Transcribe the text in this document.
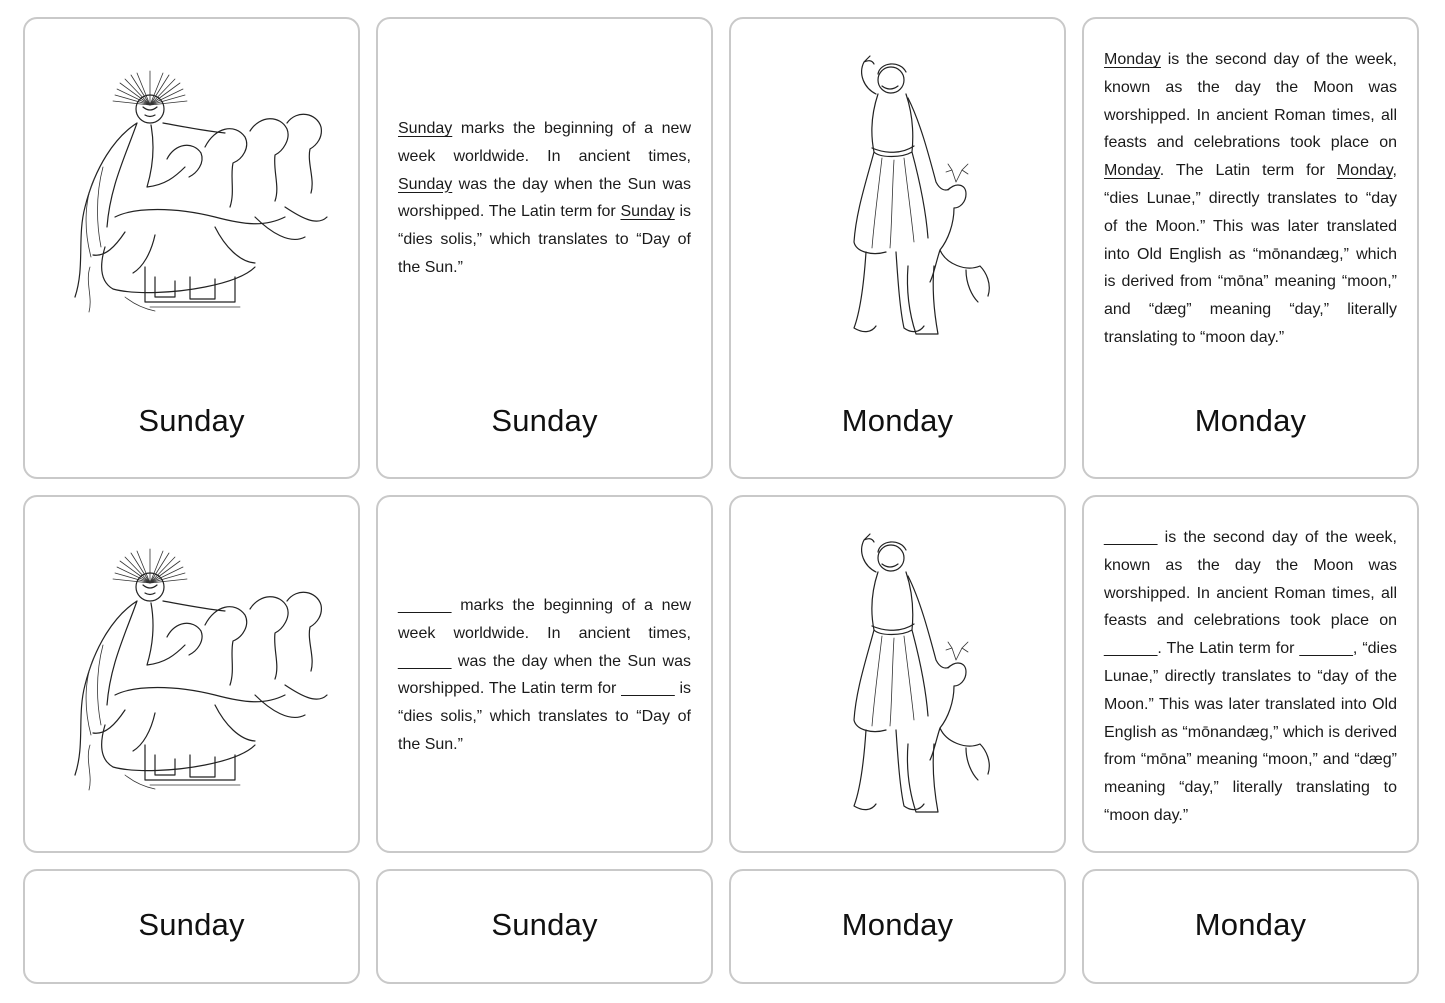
Sunday

Sunday marks the beginning of a new week worldwide. In ancient times, Sunday was the day when the Sun was worshipped. The Latin term for Sunday is “dies solis,” which translates to “Day of the Sun.”

Sunday	Monday

Monday is the second day of the week, known as the day the Moon was worshipped. In ancient Roman times, all feasts and celebrations took place on Monday. The Latin term for Monday, “dies Lunae,” directly translates to “day of the Moon.” This was later translated into Old English as “mōnandæg,” which is derived from “mōna” meaning “moon,” and “dæg” meaning “day,” literally translating to “moon day.”

Monday

______ marks the beginning of a new week worldwide. In ancient times, ______ was the day when the Sun was worshipped. The Latin term for ______ is “dies solis,” which translates to “Day of the Sun.”

______ is the second day of the week, known as the day the Moon was worshipped. In ancient Roman times, all feasts and celebrations took place on ______. The Latin term for ______, “dies Lunae,” directly translates to “day of the Moon.” This was later translated into Old English as “mōnandæg,” which is derived from “mōna” meaning “moon,” and “dæg” meaning “day,” literally translating to “moon day.”

Sunday	Sunday	Monday	Monday
